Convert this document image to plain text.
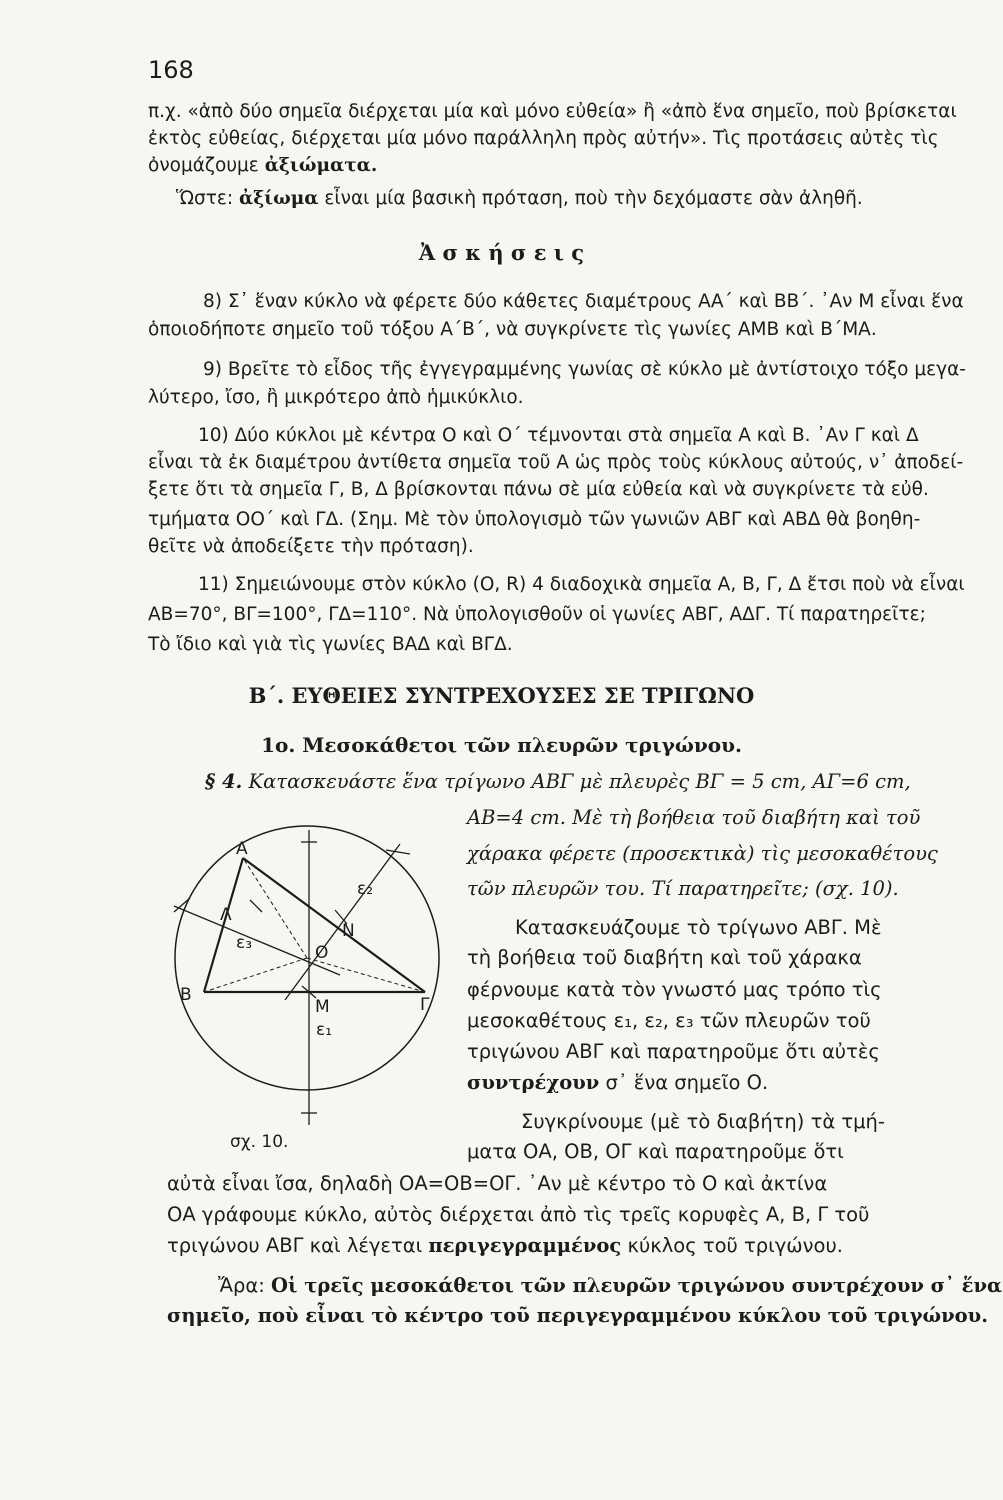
168
π.χ. «ἀπὸ δύο σημεῖα διέρχεται μία καὶ μόνο εὐθεία» ἢ «ἀπὸ ἕνα σημεῖο, ποὺ βρίσκεται
ἐκτὸς εὐθείας, διέρχεται μία μόνο παράλληλη πρὸς αὐτήν». Τὶς προτάσεις αὐτὲς τὶς
ὀνομάζουμε ἀξιώματα.
Ὥστε: ἀξίωμα εἶναι μία βασικὴ πρόταση, ποὺ τὴν δεχόμαστε σὰν ἀληθῆ.
Ἀ σ κ ή σ ε ι ς
8) Σ᾽ ἕναν κύκλο νὰ φέρετε δύο κάθετες διαμέτρους ΑΑ΄ καὶ ΒΒ΄. ᾽Αν Μ εἶναι ἕνα
ὁποιοδήποτε σημεῖο τοῦ τόξου Α΄Β΄, νὰ συγκρίνετε τὶς γωνίες ΑΜΒ καὶ Β΄ΜΑ.
9) Βρεῖτε τὸ εἶδος τῆς ἐγγεγραμμένης γωνίας σὲ κύκλο μὲ ἀντίστοιχο τόξο μεγα-
λύτερο, ἴσο, ἢ μικρότερο ἀπὸ ἡμικύκλιο.
10) Δύο κύκλοι μὲ κέντρα Ο καὶ Ο΄ τέμνονται στὰ σημεῖα Α καὶ Β. ᾽Αν Γ καὶ Δ
εἶναι τὰ ἐκ διαμέτρου ἀντίθετα σημεῖα τοῦ Α ὡς πρὸς τοὺς κύκλους αὐτούς, ν᾽ ἀποδεί-
ξετε ὅτι τὰ σημεῖα Γ, Β, Δ βρίσκονται πάνω σὲ μία εὐθεία καὶ νὰ συγκρίνετε τὰ εὐθ.
τμήματα ΟΟ΄ καὶ ΓΔ. (Σημ. Μὲ τὸν ὑπολογισμὸ τῶν γωνιῶν ΑΒΓ καὶ ΑΒΔ θὰ βοηθη-
θεῖτε νὰ ἀποδείξετε τὴν πρόταση).
11) Σημειώνουμε στὸν κύκλο (Ο, R) 4 διαδοχικὰ σημεῖα Α, Β, Γ, Δ ἔτσι ποὺ νὰ εἶναι
ΑΒ=70°, ΒΓ=100°, ΓΔ=110°. Νὰ ὑπολογισθοῦν οἱ γωνίες ΑΒΓ, ΑΔΓ. Τί παρατηρεῖτε;
Τὸ ἴδιο καὶ γιὰ τὶς γωνίες ΒΑΔ καὶ ΒΓΔ.
Β΄. ΕΥΘΕΙΕΣ ΣΥΝΤΡΕΧΟΥΣΕΣ ΣΕ ΤΡΙΓΩΝΟ
1ο. Μεσοκάθετοι τῶν πλευρῶν τριγώνου.
§ 4. Κατασκευάστε ἕνα τρίγωνο ΑΒΓ μὲ πλευρὲς ΒΓ = 5 cm, ΑΓ=6 cm,
ΑΒ=4 cm. Μὲ τὴ βοήθεια τοῦ διαβήτη καὶ τοῦ
χάρακα φέρετε (προσεκτικὰ) τὶς μεσοκαθέτους
τῶν πλευρῶν του. Τί παρατηρεῖτε; (σχ. 10).
Κατασκευάζουμε τὸ τρίγωνο ΑΒΓ. Μὲ
τὴ βοήθεια τοῦ διαβήτη καὶ τοῦ χάρακα
φέρνουμε κατὰ τὸν γνωστό μας τρόπο τὶς
μεσοκαθέτους ε₁, ε₂, ε₃ τῶν πλευρῶν τοῦ
τριγώνου ΑΒΓ καὶ παρατηροῦμε ὅτι αὐτὲς
συντρέχουν σ᾽ ἕνα σημεῖο Ο.
Συγκρίνουμε (μὲ τὸ διαβήτη) τὰ τμή-
ματα ΟΑ, ΟΒ, ΟΓ καὶ παρατηροῦμε ὅτι
αὐτὰ εἶναι ἴσα, δηλαδὴ ΟΑ=ΟΒ=ΟΓ. ᾽Αν μὲ κέντρο τὸ Ο καὶ ἀκτίνα
ΟΑ γράφουμε κύκλο, αὐτὸς διέρχεται ἀπὸ τὶς τρεῖς κορυφὲς Α, Β, Γ τοῦ
τριγώνου ΑΒΓ καὶ λέγεται περιγεγραμμένος κύκλος τοῦ τριγώνου.
Ἄρα: Οἱ τρεῖς μεσοκάθετοι τῶν πλευρῶν τριγώνου συντρέχουν σ᾽ ἕνα
σημεῖο, ποὺ εἶναι τὸ κέντρο τοῦ περιγεγραμμένου κύκλου τοῦ τριγώνου.
Α
Β	Γ
Ο
Λ
Ν
Μ
ε₁
ε₂
ε₃
σχ. 10.
